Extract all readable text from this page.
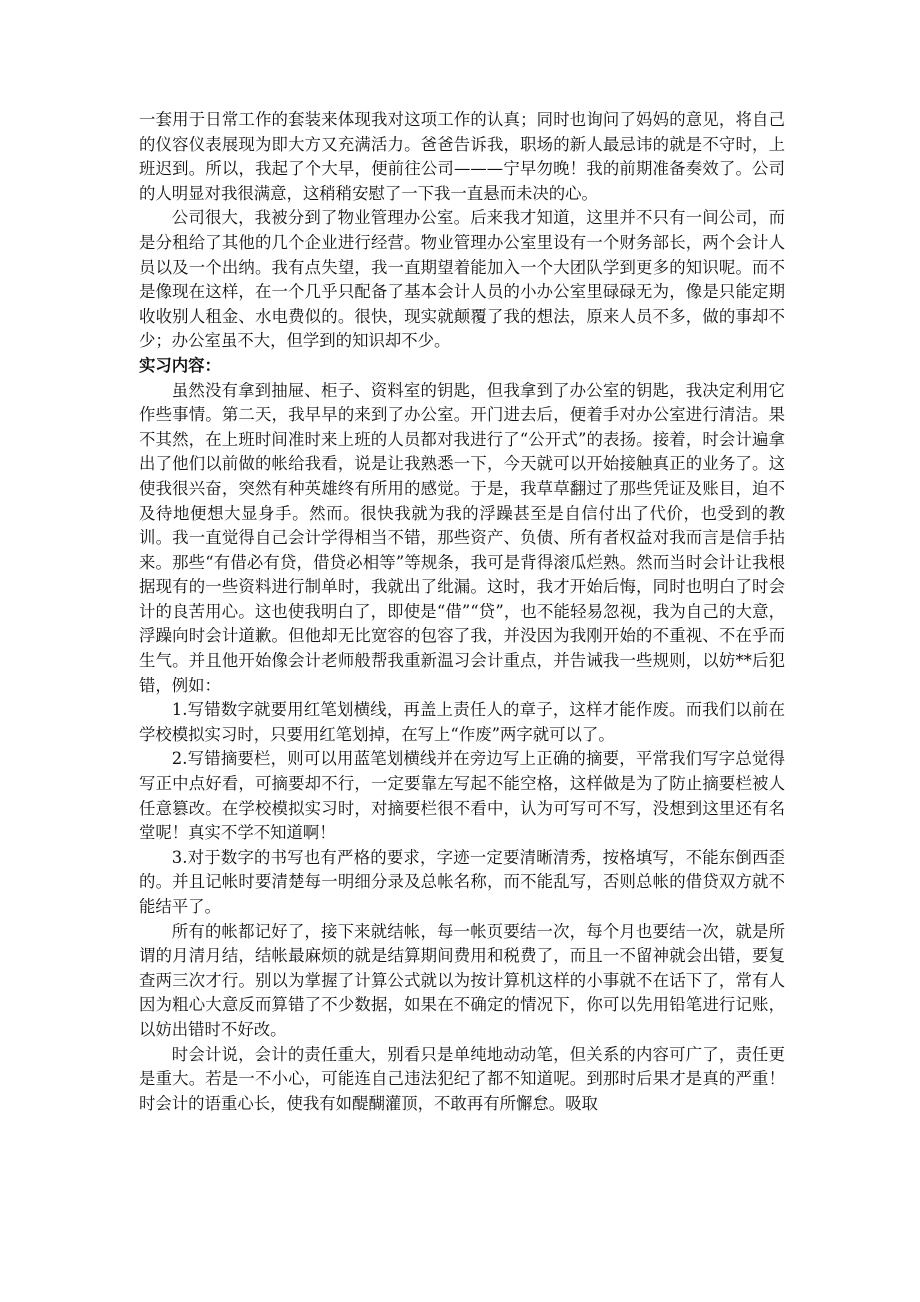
一套用于日常工作的套装来体现我对这项工作的认真；同时也询问了妈妈的意见，将自己的仪容仪表展现为即大方又充满活力。爸爸告诉我，职场的新人最忌讳的就是不守时，上班迟到。所以，我起了个大早，便前往公司———宁早勿晚！我的前期准备奏效了。公司的人明显对我很满意，这稍稍安慰了一下我一直悬而未决的心。

公司很大，我被分到了物业管理办公室。后来我才知道，这里并不只有一间公司，而是分租给了其他的几个企业进行经营。物业管理办公室里设有一个财务部长，两个会计人员以及一个出纳。我有点失望，我一直期望着能加入一个大团队学到更多的知识呢。而不是像现在这样，在一个几乎只配备了基本会计人员的小办公室里碌碌无为，像是只能定期收收别人租金、水电费似的。很快，现实就颠覆了我的想法，原来人员不多，做的事却不少；办公室虽不大，但学到的知识却不少。

实习内容：

虽然没有拿到抽屉、柜子、资料室的钥匙，但我拿到了办公室的钥匙，我决定利用它作些事情。第二天，我早早的来到了办公室。开门进去后，便着手对办公室进行清洁。果不其然，在上班时间准时来上班的人员都对我进行了“公开式”的表扬。接着，时会计遍拿出了他们以前做的帐给我看，说是让我熟悉一下，今天就可以开始接触真正的业务了。这使我很兴奋，突然有种英雄终有所用的感觉。于是，我草草翻过了那些凭证及账目，迫不及待地便想大显身手。然而。很快我就为我的浮躁甚至是自信付出了代价，也受到的教训。我一直觉得自己会计学得相当不错，那些资产、负债、所有者权益对我而言是信手拈来。那些“有借必有贷，借贷必相等”等规条，我可是背得滚瓜烂熟。然而当时会计让我根据现有的一些资料进行制单时，我就出了纰漏。这时，我才开始后悔，同时也明白了时会计的良苦用心。这也使我明白了，即使是“借”“贷”，也不能轻易忽视，我为自己的大意，浮躁向时会计道歉。但他却无比宽容的包容了我，并没因为我刚开始的不重视、不在乎而生气。并且他开始像会计老师般帮我重新温习会计重点，并告诫我一些规则，以妨**后犯错，例如：

1.写错数字就要用红笔划横线，再盖上责任人的章子，这样才能作废。而我们以前在学校模拟实习时，只要用红笔划掉，在写上“作废”两字就可以了。

2.写错摘要栏，则可以用蓝笔划横线并在旁边写上正确的摘要，平常我们写字总觉得写正中点好看，可摘要却不行，一定要靠左写起不能空格，这样做是为了防止摘要栏被人任意篡改。在学校模拟实习时，对摘要栏很不看中，认为可写可不写，没想到这里还有名堂呢！真实不学不知道啊！

3.对于数字的书写也有严格的要求，字迹一定要清晰清秀，按格填写，不能东倒西歪的。并且记帐时要清楚每一明细分录及总帐名称，而不能乱写，否则总帐的借贷双方就不能结平了。

所有的帐都记好了，接下来就结帐，每一帐页要结一次，每个月也要结一次，就是所谓的月清月结，结帐最麻烦的就是结算期间费用和税费了，而且一不留神就会出错，要复查两三次才行。别以为掌握了计算公式就以为按计算机这样的小事就不在话下了，常有人因为粗心大意反而算错了不少数据，如果在不确定的情况下，你可以先用铅笔进行记账，以妨出错时不好改。

时会计说，会计的责任重大，别看只是单纯地动动笔，但关系的内容可广了，责任更是重大。若是一不小心，可能连自己违法犯纪了都不知道呢。到那时后果才是真的严重！时会计的语重心长，使我有如醍醐灌顶，不敢再有所懈怠。吸取
